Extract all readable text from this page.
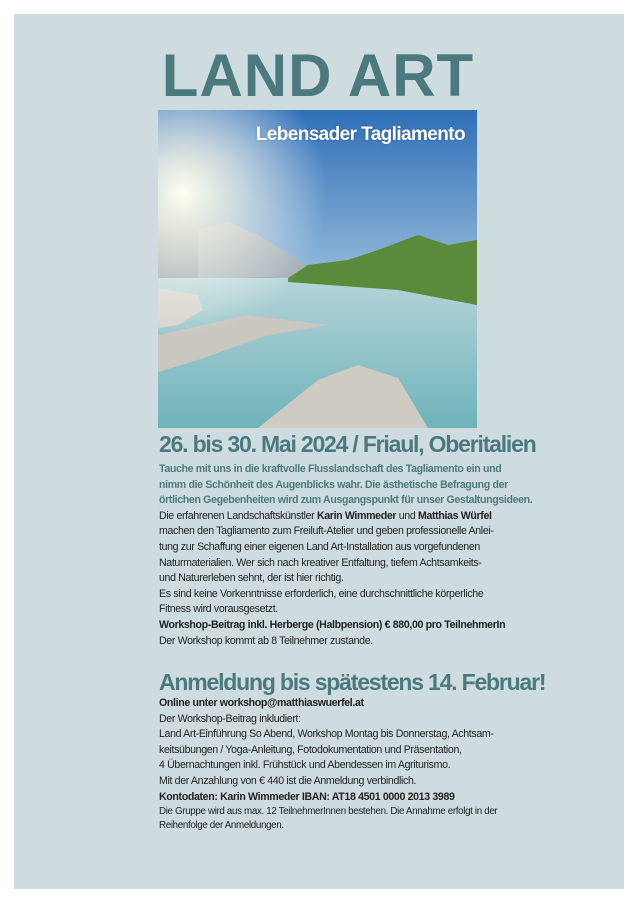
LAND ART
Lebensader Tagliamento
26. bis 30. Mai 2024 / Friaul, Oberitalien
Tauche mit uns in die kraftvolle Flusslandschaft des Tagliamento ein und
nimm die Schönheit des Augenblicks wahr. Die ästhetische Befragung der
örtlichen Gegebenheiten wird zum Ausgangspunkt für unser Gestaltungsideen.
Die erfahrenen Landschaftskünstler Karin Wimmeder und Matthias Würfel
machen den Tagliamento zum Freiluft-Atelier und geben professionelle Anlei-
tung zur Schaffung einer eigenen Land Art-Installation aus vorgefundenen
Naturmaterialien. Wer sich nach kreativer Entfaltung, tiefem Achtsamkeits-
und Naturerleben sehnt, der ist hier richtig.
Es sind keine Vorkenntnisse erforderlich, eine durchschnittliche körperliche
Fitness wird vorausgesetzt.
Workshop-Beitrag inkl. Herberge (Halbpension) € 880,00 pro TeilnehmerIn
Der Workshop kommt ab 8 Teilnehmer zustande.
Anmeldung bis spätestens 14. Februar!
Online unter workshop@matthiaswuerfel.at
Der Workshop-Beitrag inkludiert:
Land Art-Einführung So Abend, Workshop Montag bis Donnerstag, Achtsam-
keitsübungen / Yoga-Anleitung, Fotodokumentation und Präsentation,
4 Übernachtungen inkl. Frühstück und Abendessen im Agriturismo.
Mit der Anzahlung von € 440 ist die Anmeldung verbindlich.
Kontodaten: Karin Wimmeder IBAN: AT18 4501 0000 2013 3989
Die Gruppe wird aus max. 12 TeilnehmerInnen bestehen. Die Annahme erfolgt in der
Reihenfolge der Anmeldungen.
